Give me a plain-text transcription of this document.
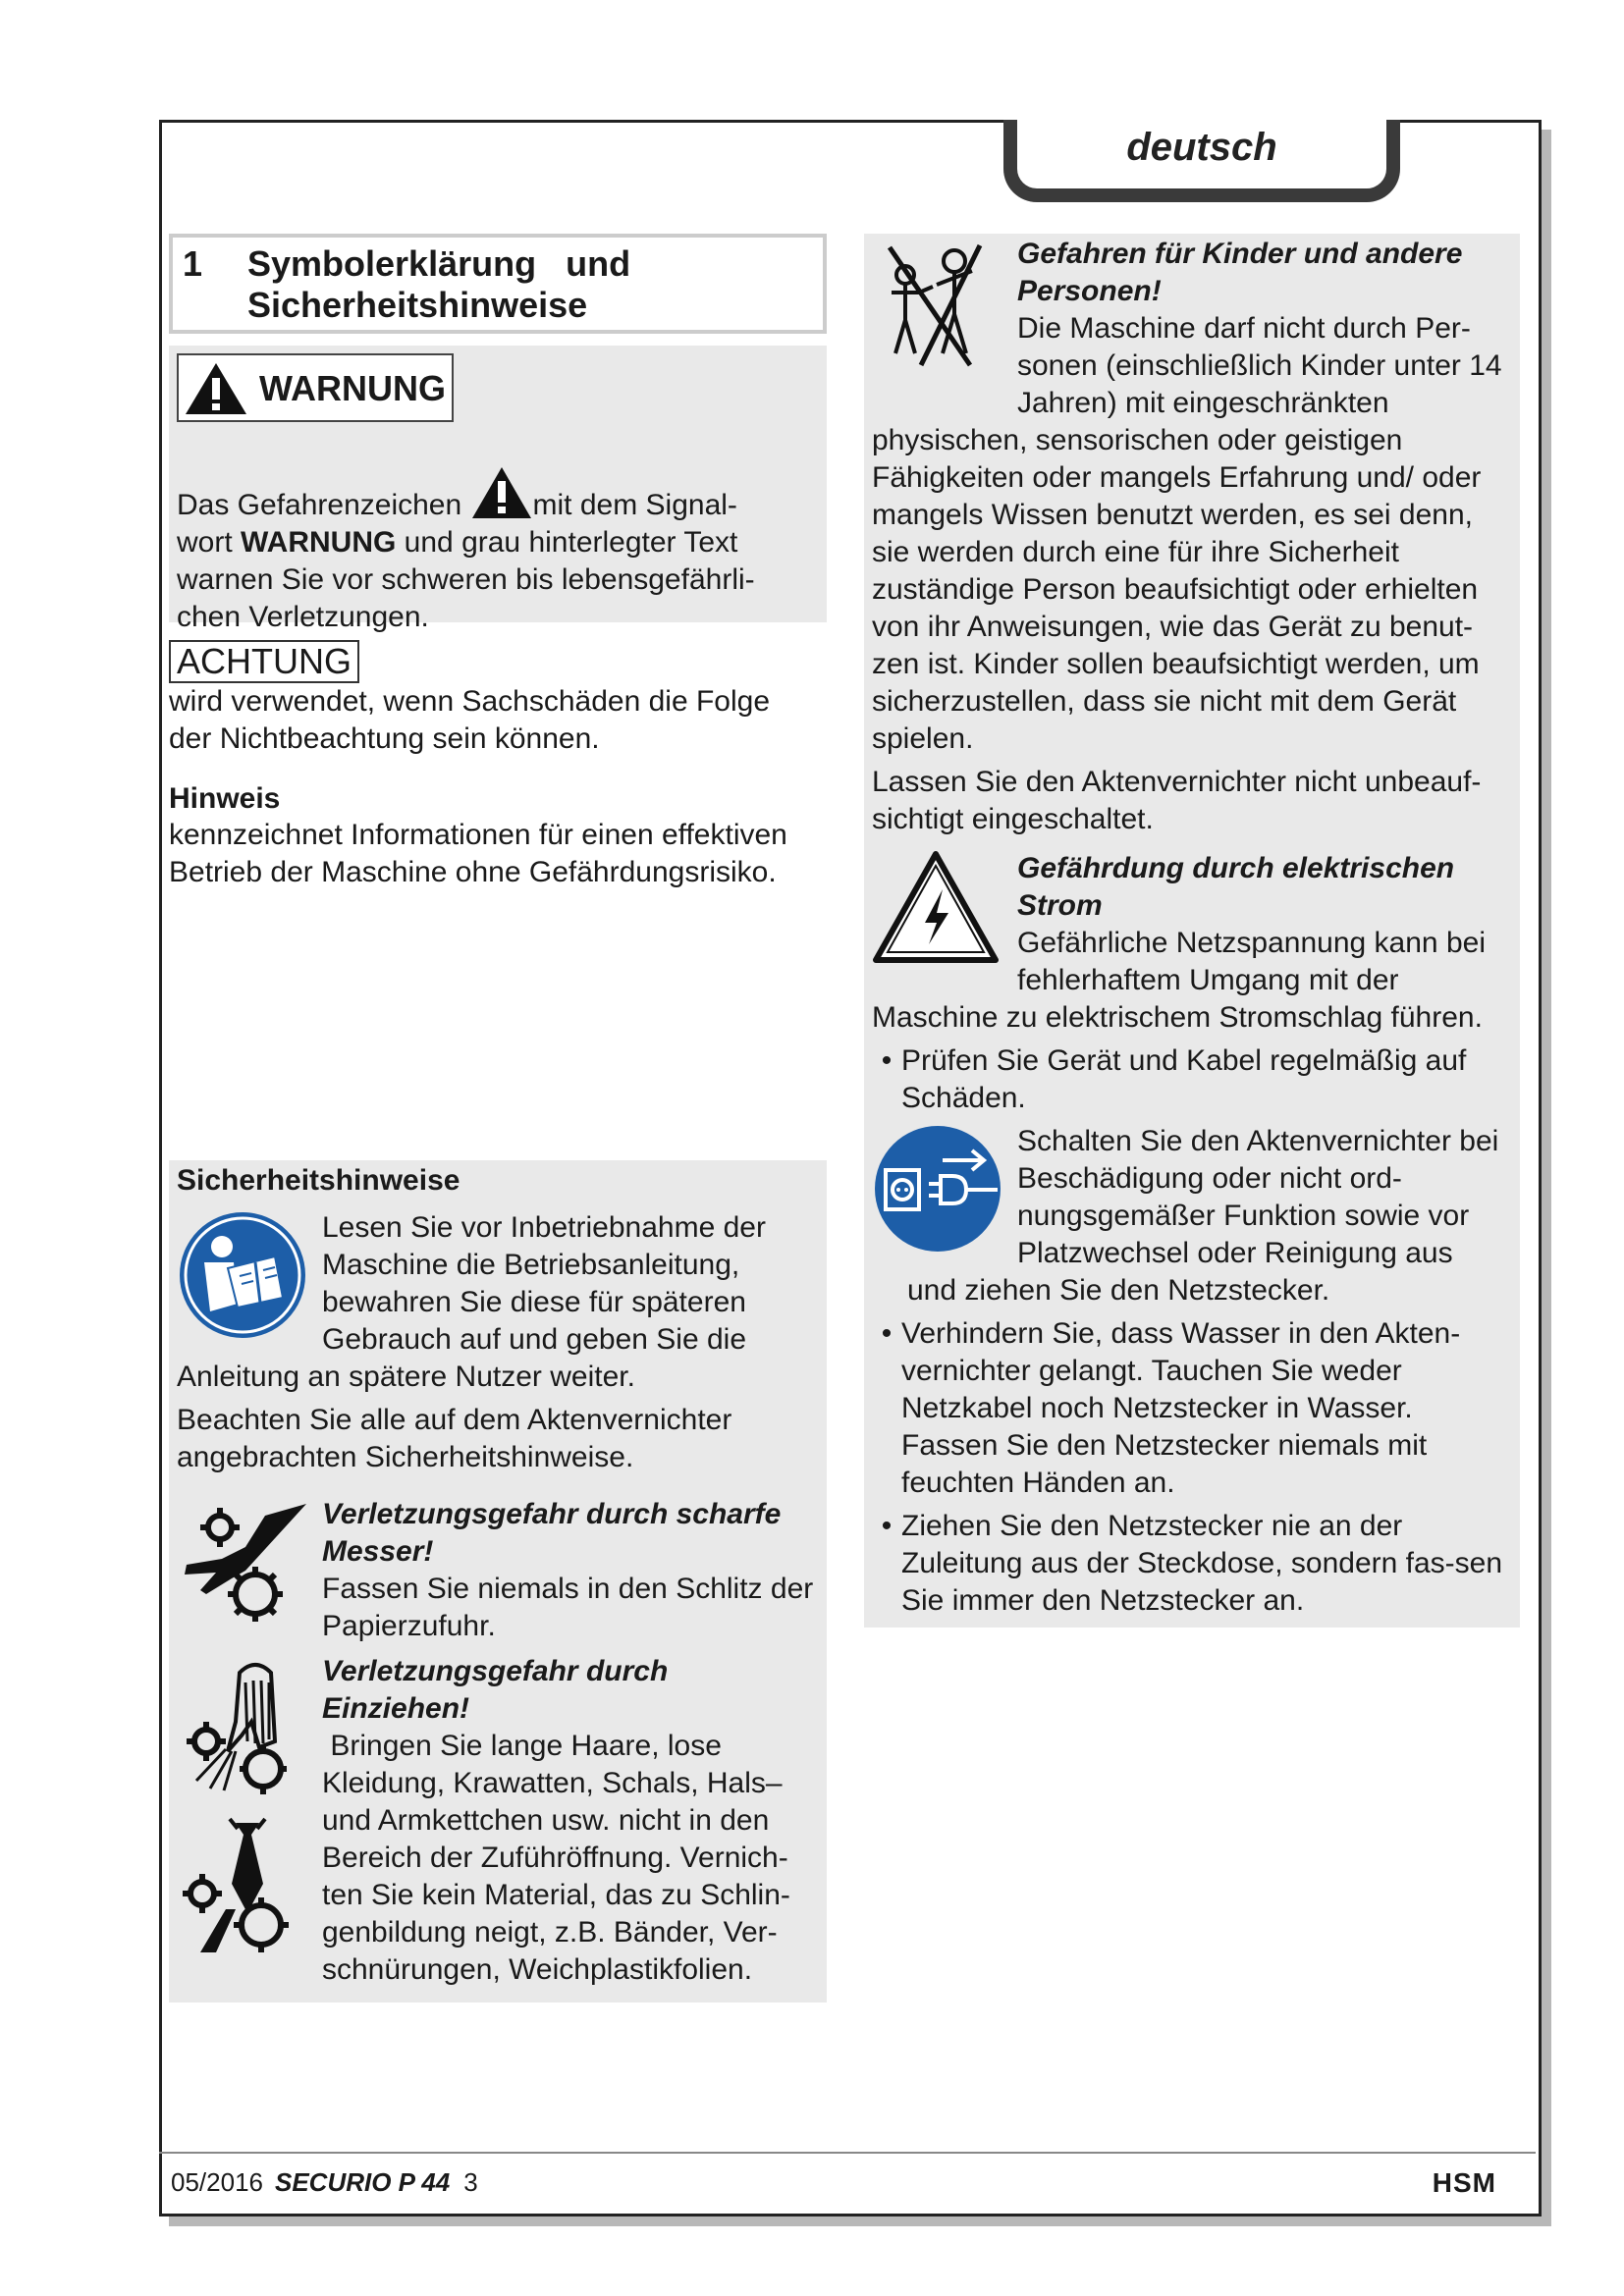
deutsch
1	Symbolerklärung   und
Sicherheitshinweise
WARNUNG
Das Gefahrenzeichen mit dem Signal-
wort WARNUNG und grau hinterlegter Text
warnen Sie vor schweren bis lebensgefährli-
chen Verletzungen.
ACHTUNG
wird verwendet, wenn Sachschäden die Folge der Nichtbeachtung sein können.
Hinweis
kennzeichnet Informationen für einen effektiven Betrieb der Maschine ohne Gefährdungsrisiko.
Sicherheitshinweise
Lesen Sie vor Inbetriebnahme der Maschine die Betriebsanleitung, bewahren Sie diese für späteren Gebrauch auf und geben Sie die
Anleitung an spätere Nutzer weiter.
Beachten Sie alle auf dem Aktenvernichter angebrachten Sicherheitshinweise.
Verletzungsgefahr durch scharfe Messer!
Fassen Sie niemals in den Schlitz der Papierzufuhr.

Verletzungsgefahr durch Einziehen!
Bringen Sie lange Haare, lose Kleidung, Krawatten, Schals, Hals– und Armkettchen usw. nicht in den Bereich der Zuführöffnung. Vernich-ten Sie kein Material, das zu Schlin-genbildung neigt, z.B. Bänder, Ver-schnürungen, Weichplastikfolien.
Gefahren für Kinder und andere Personen!
Die Maschine darf nicht durch Per-sonen (einschließlich Kinder unter 14 Jahren) mit eingeschränkten
physischen, sensorischen oder geistigen Fähigkeiten oder mangels Erfahrung und/ oder mangels Wissen benutzt werden, es sei denn, sie werden durch eine für ihre Sicherheit zuständige Person beaufsichtigt oder erhielten von ihr Anweisungen, wie das Gerät zu benut-zen ist. Kinder sollen beaufsichtigt werden, um sicherzustellen, dass sie nicht mit dem Gerät spielen.
Lassen Sie den Aktenvernichter nicht unbeauf-sichtigt eingeschaltet.
Gefährdung durch elektrischen Strom
Gefährliche Netzspannung kann bei fehlerhaftem Umgang mit der
Maschine zu elektrischem Stromschlag führen.
• Prüfen Sie Gerät und Kabel regelmäßig auf Schäden.
Schalten Sie den Aktenvernichter bei Beschädigung oder nicht ord-nungsgemäßer Funktion sowie vor Platzwechsel oder Reinigung aus
und ziehen Sie den Netzstecker.
• Verhindern Sie, dass Wasser in den Akten-vernichter gelangt. Tauchen Sie weder Netzkabel noch Netzstecker in Wasser. Fassen Sie den Netzstecker niemals mit feuchten Händen an.
• Ziehen Sie den Netzstecker nie an der Zuleitung aus der Steckdose, sondern fas-sen Sie immer den Netzstecker an.
05/2016 SECURIO P 44 3	HSM
